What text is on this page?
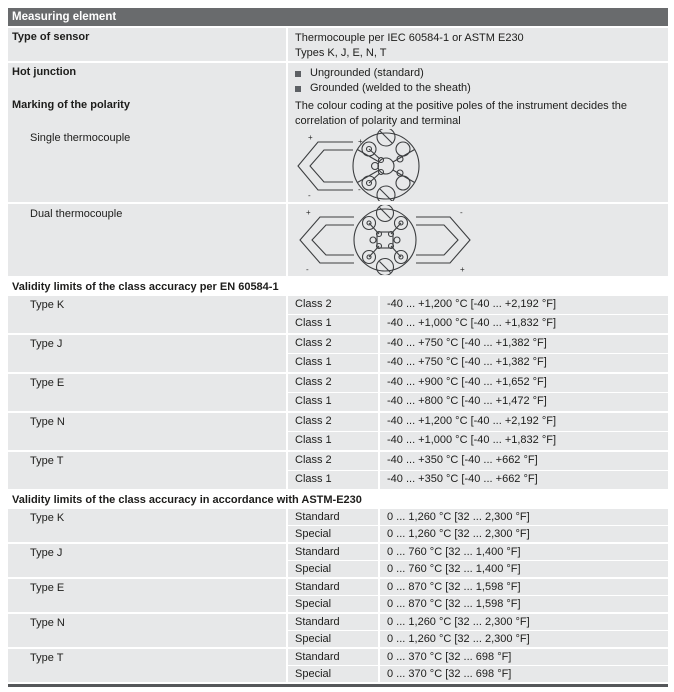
Measuring element
Type of sensor	Thermocouple per IEC 60584-1 or ASTM E230
Types K, J, E, N, T
Hot junction	Ungrounded (standard)
Grounded (welded to the sheath)
Marking of the polarity	The colour coding at the positive poles of the instrument decides the correlation of polarity and terminal
Single thermocouple	+
-
+
-
Dual thermocouple	+
-
-
+
Validity limits of the class accuracy per EN 60584-1
Type K	Class 2	-40 ... +1,200 °C [-40 ... +2,192 °F]
Class 1	-40 ... +1,000 °C [-40 ... +1,832 °F]
Type J	Class 2	-40 ... +750 °C [-40 ... +1,382 °F]
Class 1	-40 ... +750 °C [-40 ... +1,382 °F]
Type E	Class 2	-40 ... +900 °C [-40 ... +1,652 °F]
Class 1	-40 ... +800 °C [-40 ... +1,472 °F]
Type N	Class 2	-40 ... +1,200 °C [-40 ... +2,192 °F]
Class 1	-40 ... +1,000 °C [-40 ... +1,832 °F]
Type T	Class 2	-40 ... +350 °C [-40 ... +662 °F]
Class 1	-40 ... +350 °C [-40 ... +662 °F]
Validity limits of the class accuracy in accordance with ASTM-E230
Type K	Standard	0 ... 1,260 °C [32 ... 2,300 °F]
Special	0 ... 1,260 °C [32 ... 2,300 °F]
Type J	Standard	0 ... 760 °C [32 ... 1,400 °F]
Special	0 ... 760 °C [32 ... 1,400 °F]
Type E	Standard	0 ... 870 °C [32 ... 1,598 °F]
Special	0 ... 870 °C [32 ... 1,598 °F]
Type N	Standard	0 ... 1,260 °C [32 ... 2,300 °F]
Special	0 ... 1,260 °C [32 ... 2,300 °F]
Type T	Standard	0 ... 370 °C [32 ... 698 °F]
Special	0 ... 370 °C [32 ... 698 °F]
